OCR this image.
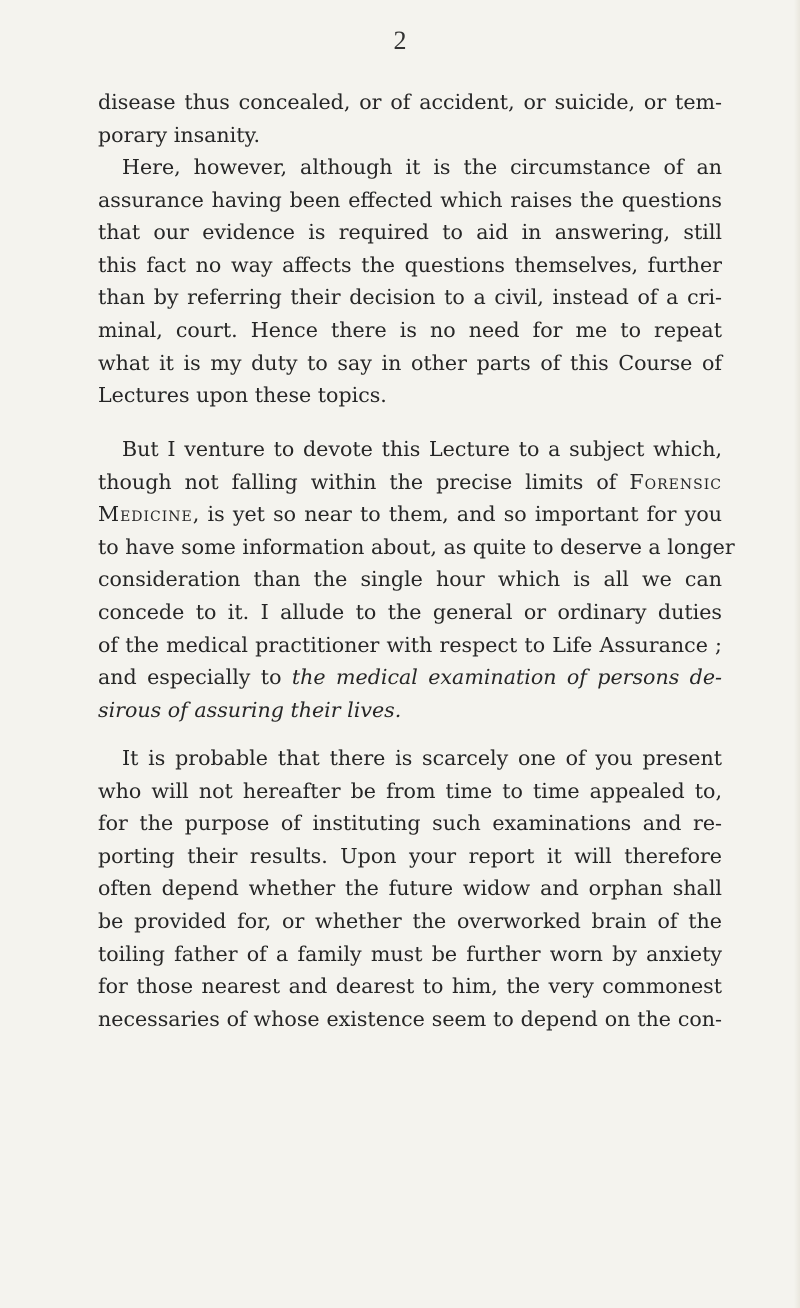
2
disease thus concealed, or of accident, or suicide, or tem-
porary insanity.
Here, however, although it is the circumstance of an
assurance having been effected which raises the questions
that our evidence is required to aid in answering, still
this fact no way affects the questions themselves, further
than by referring their decision to a civil, instead of a cri-
minal, court. Hence there is no need for me to repeat
what it is my duty to say in other parts of this Course of
Lectures upon these topics.
But I venture to devote this Lecture to a subject which,
though not falling within the precise limits of Forensic
Medicine, is yet so near to them, and so important for you
to have some information about, as quite to deserve a longer
consideration than the single hour which is all we can
concede to it. I allude to the general or ordinary duties
of the medical practitioner with respect to Life Assurance ;
and especially to the medical examination of persons de-
sirous of assuring their lives.
It is probable that there is scarcely one of you present
who will not hereafter be from time to time appealed to,
for the purpose of instituting such examinations and re-
porting their results. Upon your report it will therefore
often depend whether the future widow and orphan shall
be provided for, or whether the overworked brain of the
toiling father of a family must be further worn by anxiety
for those nearest and dearest to him, the very commonest
necessaries of whose existence seem to depend on the con-
